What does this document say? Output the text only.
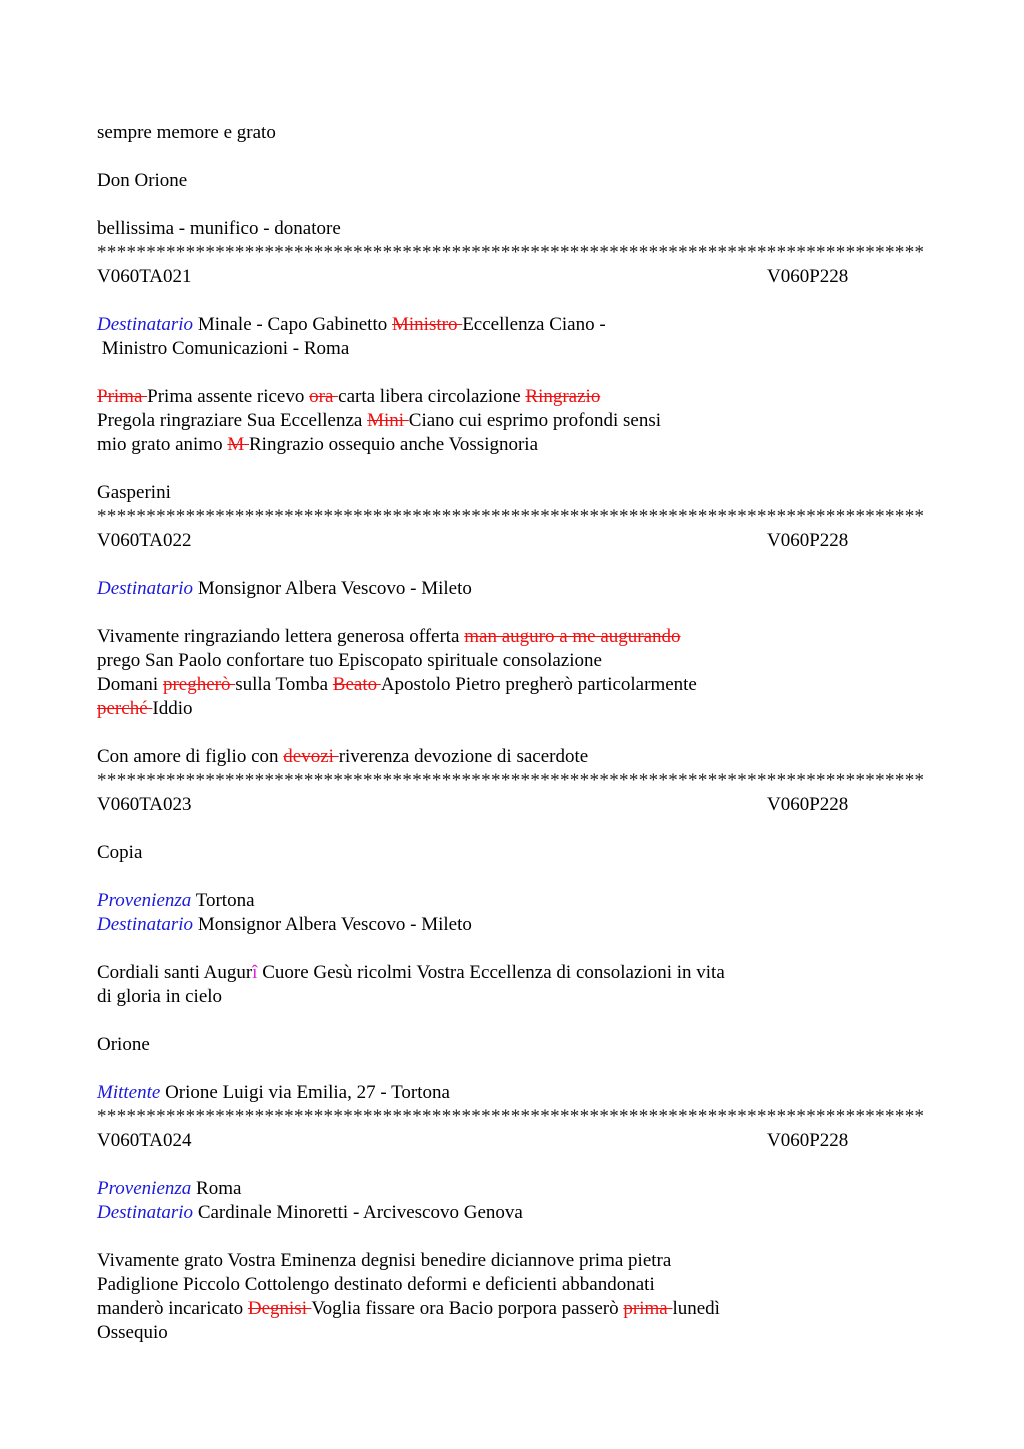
sempre memore e grato
Don Orione
bellissima - munifico - donatore
************************************************************************************
V060TA021	V060P228
Destinatario Minale - Capo Gabinetto Ministro Eccellenza Ciano -
Ministro Comunicazioni - Roma
Prima Prima assente ricevo ora carta libera circolazione Ringrazio
Pregola ringraziare Sua Eccellenza Mini Ciano cui esprimo profondi sensi
mio grato animo M Ringrazio ossequio anche Vossignoria
Gasperini
************************************************************************************
V060TA022	V060P228
Destinatario Monsignor Albera Vescovo - Mileto
Vivamente ringraziando lettera generosa offerta man auguro a me augurando
prego San Paolo confortare tuo Episcopato spirituale consolazione
Domani pregherò sulla Tomba Beato Apostolo Pietro pregherò particolarmente
perché Iddio
Con amore di figlio con devozi riverenza devozione di sacerdote
************************************************************************************
V060TA023	V060P228
Copia
Provenienza Tortona
Destinatario Monsignor Albera Vescovo - Mileto
Cordiali santi Augurî Cuore Gesù ricolmi Vostra Eccellenza di consolazioni in vita
di gloria in cielo
Orione
Mittente Orione Luigi via Emilia, 27 - Tortona
************************************************************************************
V060TA024	V060P228
Provenienza Roma
Destinatario Cardinale Minoretti - Arcivescovo Genova
Vivamente grato Vostra Eminenza degnisi benedire diciannove prima pietra
Padiglione Piccolo Cottolengo destinato deformi e deficienti abbandonati
manderò incaricato Degnisi Voglia fissare ora Bacio porpora passerò prima lunedì
Ossequio
